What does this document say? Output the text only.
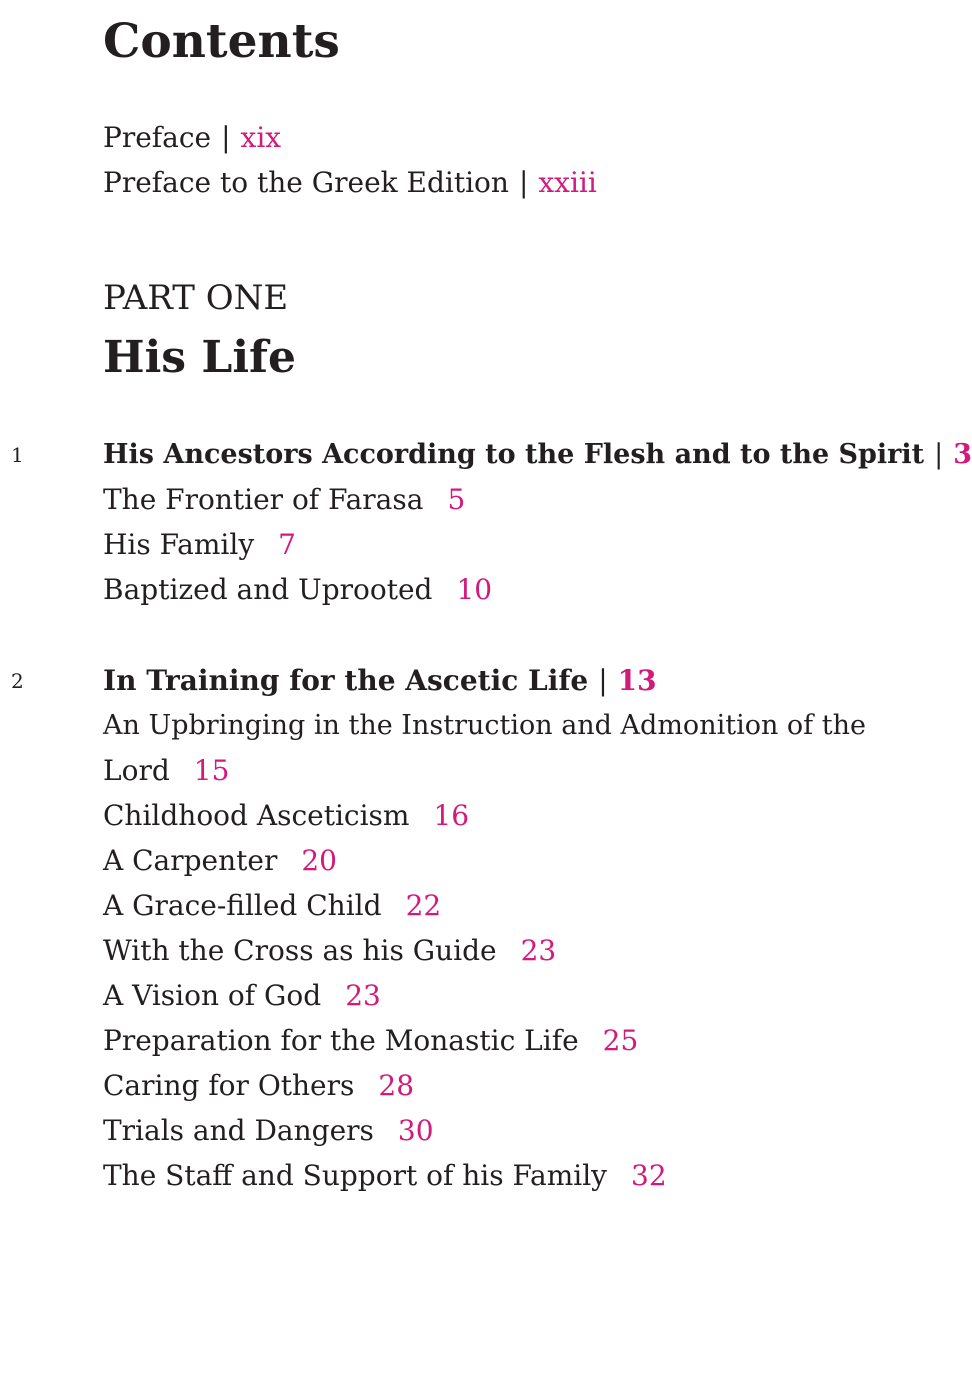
Contents
Preface | xix
Preface to the Greek Edition | xxiii
PART ONE
His Life
1	His Ancestors According to the Flesh and to the Spirit | 3
The Frontier of Farasa 5
His Family 7
Baptized and Uprooted 10
2	In Training for the Ascetic Life | 13
An Upbringing in the Instruction and Admonition of the
Lord 15
Childhood Asceticism 16
A Carpenter 20
A Grace-filled Child 22
With the Cross as his Guide 23
A Vision of God 23
Preparation for the Monastic Life 25
Caring for Others 28
Trials and Dangers 30
The Staff and Support of his Family 32
